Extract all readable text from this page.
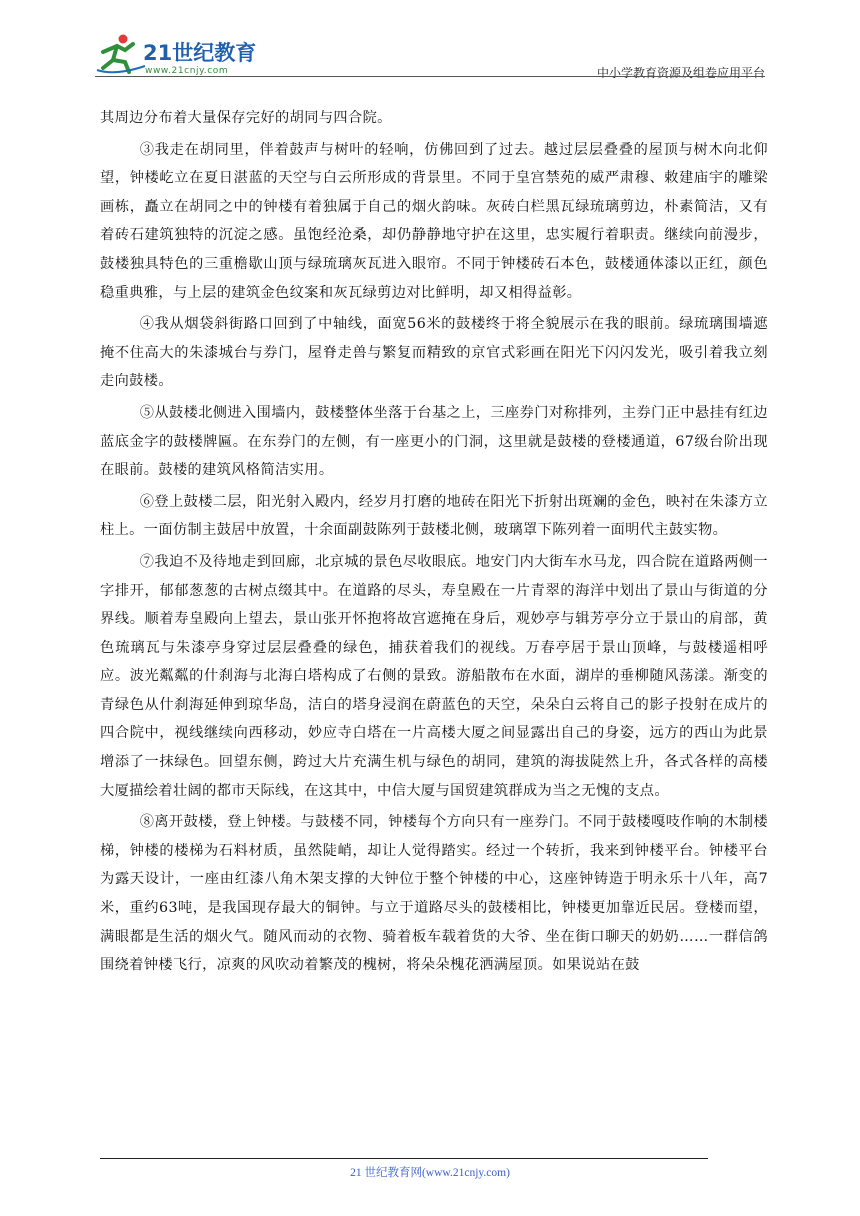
21世纪教育
www.21cnjy.com	中小学教育资源及组卷应用平台

其周边分布着大量保存完好的胡同与四合院。

③我走在胡同里，伴着鼓声与树叶的轻响，仿佛回到了过去。越过层层叠叠的屋顶与树木向北仰望，钟楼屹立在夏日湛蓝的天空与白云所形成的背景里。不同于皇宫禁苑的威严肃穆、敕建庙宇的雕梁画栋，矗立在胡同之中的钟楼有着独属于自己的烟火韵味。灰砖白栏黑瓦绿琉璃剪边，朴素简洁，又有着砖石建筑独特的沉淀之感。虽饱经沧桑，却仍静静地守护在这里，忠实履行着职责。继续向前漫步，鼓楼独具特色的三重檐歇山顶与绿琉璃灰瓦进入眼帘。不同于钟楼砖石本色，鼓楼通体漆以正红，颜色稳重典雅，与上层的建筑金色纹案和灰瓦绿剪边对比鲜明，却又相得益彰。

④我从烟袋斜街路口回到了中轴线，面宽56米的鼓楼终于将全貌展示在我的眼前。绿琉璃围墙遮掩不住高大的朱漆城台与券门，屋脊走兽与繁复而精致的京官式彩画在阳光下闪闪发光，吸引着我立刻走向鼓楼。

⑤从鼓楼北侧进入围墙内，鼓楼整体坐落于台基之上，三座券门对称排列，主券门正中悬挂有红边蓝底金字的鼓楼牌匾。在东券门的左侧，有一座更小的门洞，这里就是鼓楼的登楼通道，67级台阶出现在眼前。鼓楼的建筑风格简洁实用。

⑥登上鼓楼二层，阳光射入殿内，经岁月打磨的地砖在阳光下折射出斑斓的金色，映衬在朱漆方立柱上。一面仿制主鼓居中放置，十余面副鼓陈列于鼓楼北侧，玻璃罩下陈列着一面明代主鼓实物。

⑦我迫不及待地走到回廊，北京城的景色尽收眼底。地安门内大街车水马龙，四合院在道路两侧一字排开，郁郁葱葱的古树点缀其中。在道路的尽头，寿皇殿在一片青翠的海洋中划出了景山与街道的分界线。顺着寿皇殿向上望去，景山张开怀抱将故宫遮掩在身后，观妙亭与辑芳亭分立于景山的肩部，黄色琉璃瓦与朱漆亭身穿过层层叠叠的绿色，捕获着我们的视线。万春亭居于景山顶峰，与鼓楼遥相呼应。波光粼粼的什刹海与北海白塔构成了右侧的景致。游船散布在水面，湖岸的垂柳随风荡漾。渐变的青绿色从什刹海延伸到琼华岛，洁白的塔身浸润在蔚蓝色的天空，朵朵白云将自己的影子投射在成片的四合院中，视线继续向西移动，妙应寺白塔在一片高楼大厦之间显露出自己的身姿，远方的西山为此景增添了一抹绿色。回望东侧，跨过大片充满生机与绿色的胡同，建筑的海拔陡然上升，各式各样的高楼大厦描绘着壮阔的都市天际线，在这其中，中信大厦与国贸建筑群成为当之无愧的支点。

⑧离开鼓楼，登上钟楼。与鼓楼不同，钟楼每个方向只有一座券门。不同于鼓楼嘎吱作响的木制楼梯，钟楼的楼梯为石料材质，虽然陡峭，却让人觉得踏实。经过一个转折，我来到钟楼平台。钟楼平台为露天设计，一座由红漆八角木架支撑的大钟位于整个钟楼的中心，这座钟铸造于明永乐十八年，高7米，重约63吨，是我国现存最大的铜钟。与立于道路尽头的鼓楼相比，钟楼更加靠近民居。登楼而望，满眼都是生活的烟火气。随风而动的衣物、骑着板车载着货的大爷、坐在街口聊天的奶奶……一群信鸽围绕着钟楼飞行，凉爽的风吹动着繁茂的槐树，将朵朵槐花洒满屋顶。如果说站在鼓

21 世纪教育网(www.21cnjy.com)
